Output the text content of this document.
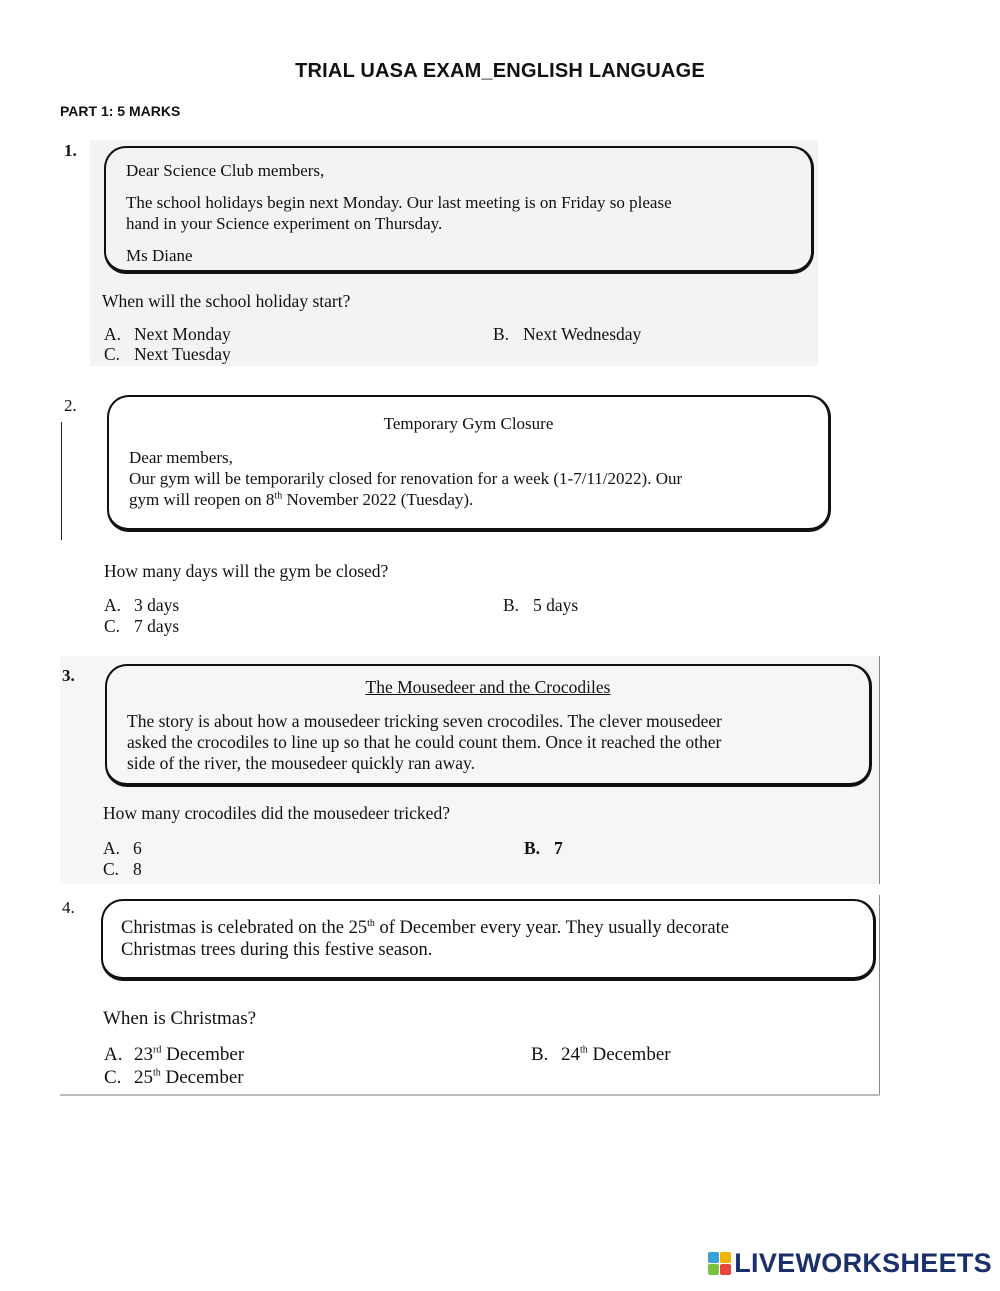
TRIAL UASA EXAM_ENGLISH LANGUAGE
PART 1: 5 MARKS
1.

Dear Science Club members,

The school holidays begin next Monday. Our last meeting is on Friday so please

hand in your Science experiment on Thursday.

Ms Diane

When will the school holiday start?
A. Next Monday	B. Next Wednesday
C. Next Tuesday
2.

Temporary Gym Closure

Dear members,

Our gym will be temporarily closed for renovation for a week (1-7/11/2022). Our

gym will reopen on 8th November 2022 (Tuesday).

How many days will the gym be closed?
A. 3 days	B. 5 days
C. 7 days
3.

The Mousedeer and the Crocodiles

The story is about how a mousedeer tricking seven crocodiles. The clever mousedeer

asked the crocodiles to line up so that he could count them. Once it reached the other

side of the river, the mousedeer quickly ran away.

How many crocodiles did the mousedeer tricked?
A. 6	B. 7
C. 8
4.

Christmas is celebrated on the 25th of December every year. They usually decorate

Christmas trees during this festive season.

When is Christmas?
A. 23rd December	B. 24th December
C. 25th December
LIVEWORKSHEETS
